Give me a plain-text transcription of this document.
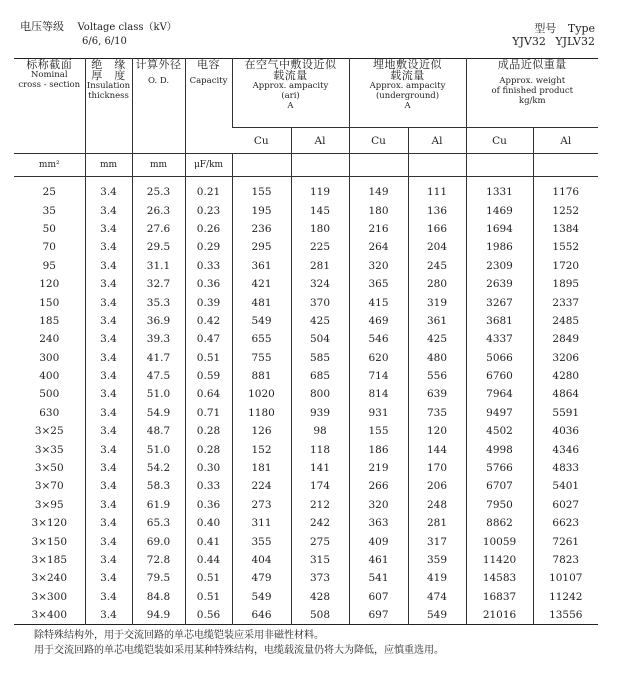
电压等级 Voltage class（kV）
6/6, 6/10
型号 Type
YJV32 YJLV32
标称截面
Nominal
cross - section	绝　缘
厚　度
Insulation
thickness	计算外径
O. D.	电容
Capacity	在空气中敷设近似
载流量
Approx. ampacity
(ari)
A		埋地敷设近似
载流量
Approx. ampacity
(underground)
A		成品近似重量
Approx. weight
of finished product
kg/km	

				Cu	Al	Cu	Al	Cu	Al
mm²	mm	mm	μF/km						
25	3.4	25.3	0.21	155	119	149	111	1331	1176
35	3.4	26.3	0.23	195	145	180	136	1469	1252
50	3.4	27.6	0.26	236	180	216	166	1694	1384
70	3.4	29.5	0.29	295	225	264	204	1986	1552
95	3.4	31.1	0.33	361	281	320	245	2309	1720
120	3.4	32.7	0.36	421	324	365	280	2639	1895
150	3.4	35.3	0.39	481	370	415	319	3267	2337
185	3.4	36.9	0.42	549	425	469	361	3681	2485
240	3.4	39.3	0.47	655	504	546	425	4337	2849
300	3.4	41.7	0.51	755	585	620	480	5066	3206
400	3.4	47.5	0.59	881	685	714	556	6760	4280
500	3.4	51.0	0.64	1020	800	814	639	7964	4864
630	3.4	54.9	0.71	1180	939	931	735	9497	5591
3×25	3.4	48.7	0.28	126	98	155	120	4502	4036
3×35	3.4	51.0	0.28	152	118	186	144	4998	4346
3×50	3.4	54.2	0.30	181	141	219	170	5766	4833
3×70	3.4	58.3	0.33	224	174	266	206	6707	5401
3×95	3.4	61.9	0.36	273	212	320	248	7950	6027
3×120	3.4	65.3	0.40	311	242	363	281	8862	6623
3×150	3.4	69.0	0.41	355	275	409	317	10059	7261
3×185	3.4	72.8	0.44	404	315	461	359	11420	7823
3×240	3.4	79.5	0.51	479	373	541	419	14583	10107
3×300	3.4	84.8	0.51	549	428	607	474	16837	11242
3×400	3.4	94.9	0.56	646	508	697	549	21016	13556
除特殊结构外，用于交流回路的单芯电缆铠装应采用非磁性材料。
用于交流回路的单芯电缆铠装如采用某种特殊结构，电缆载流量仍将大为降低，应慎重选用。
